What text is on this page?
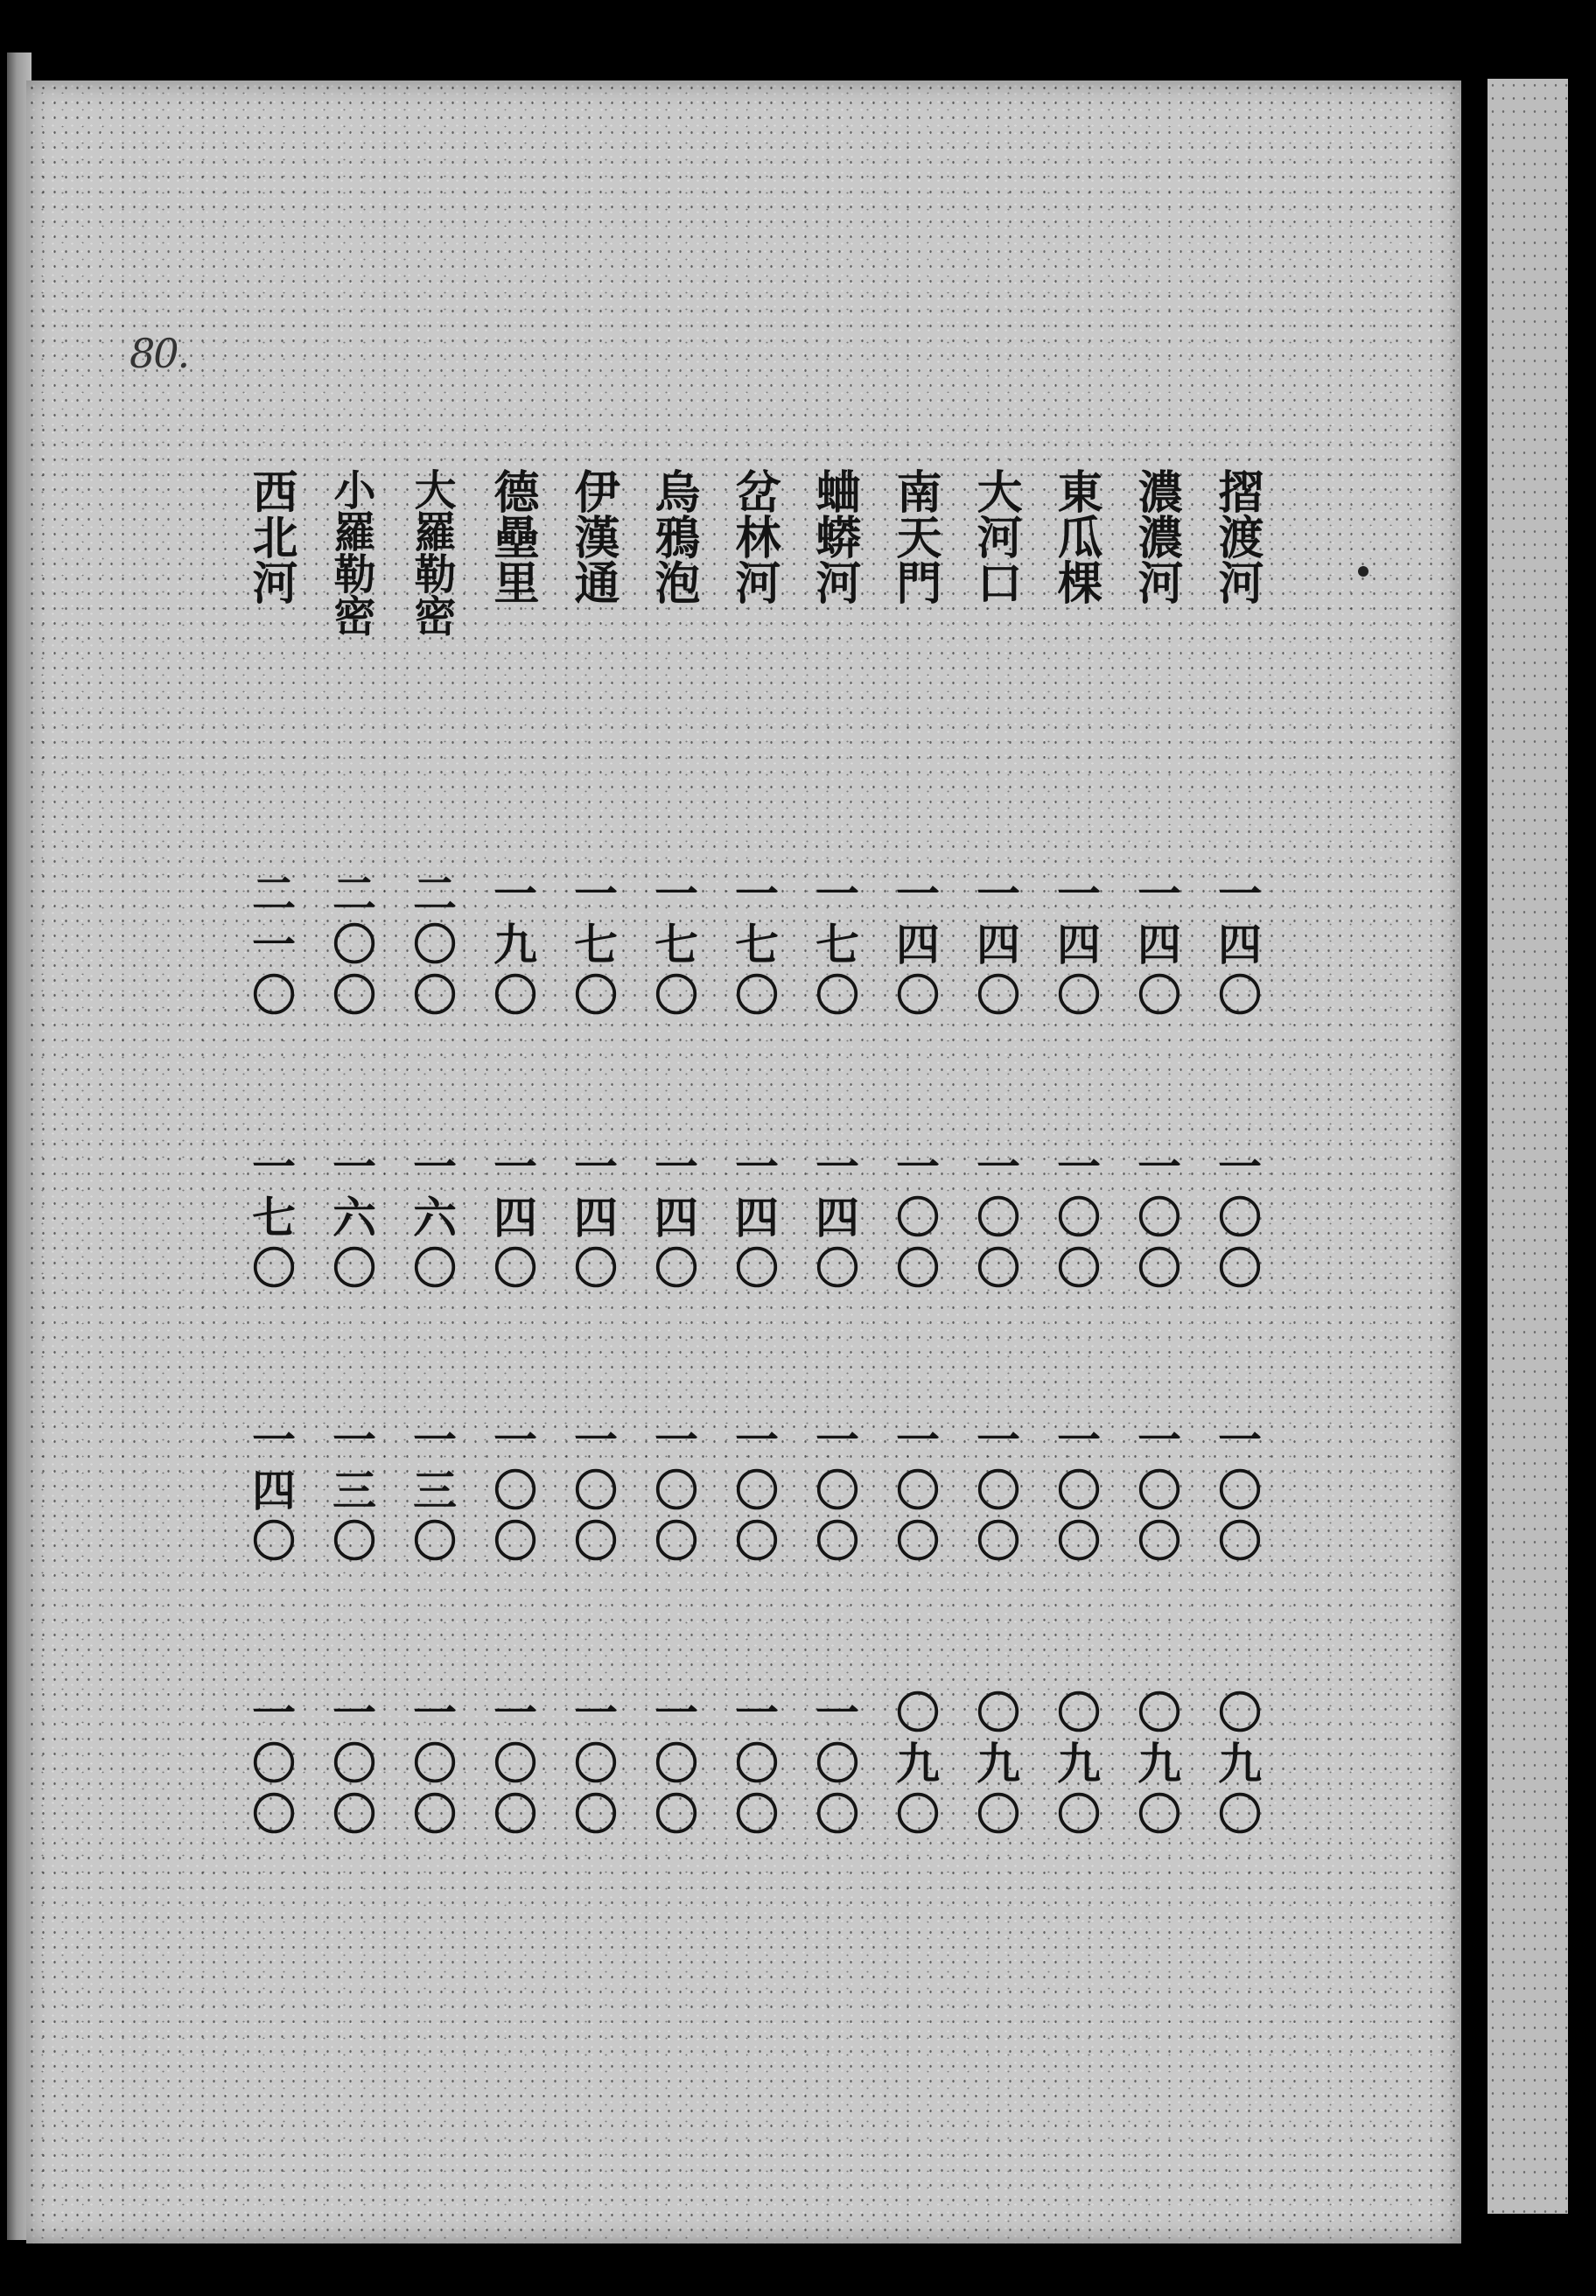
80.
摺渡河
一四〇
一〇〇
一〇〇
〇九〇
濃濃河
一四〇
一〇〇
一〇〇
〇九〇
東瓜棵
一四〇
一〇〇
一〇〇
〇九〇
大河口
一四〇
一〇〇
一〇〇
〇九〇
南天門
一四〇
一〇〇
一〇〇
〇九〇
蛐蟒河
一七〇
一四〇
一〇〇
一〇〇
岔林河
一七〇
一四〇
一〇〇
一〇〇
烏鴉泡
一七〇
一四〇
一〇〇
一〇〇
伊漢通
一七〇
一四〇
一〇〇
一〇〇
德壘里
一九〇
一四〇
一〇〇
一〇〇
大羅勒密
二〇〇
一六〇
一三〇
一〇〇
小羅勒密
二〇〇
一六〇
一三〇
一〇〇
西北河
二一〇
一七〇
一四〇
一〇〇
